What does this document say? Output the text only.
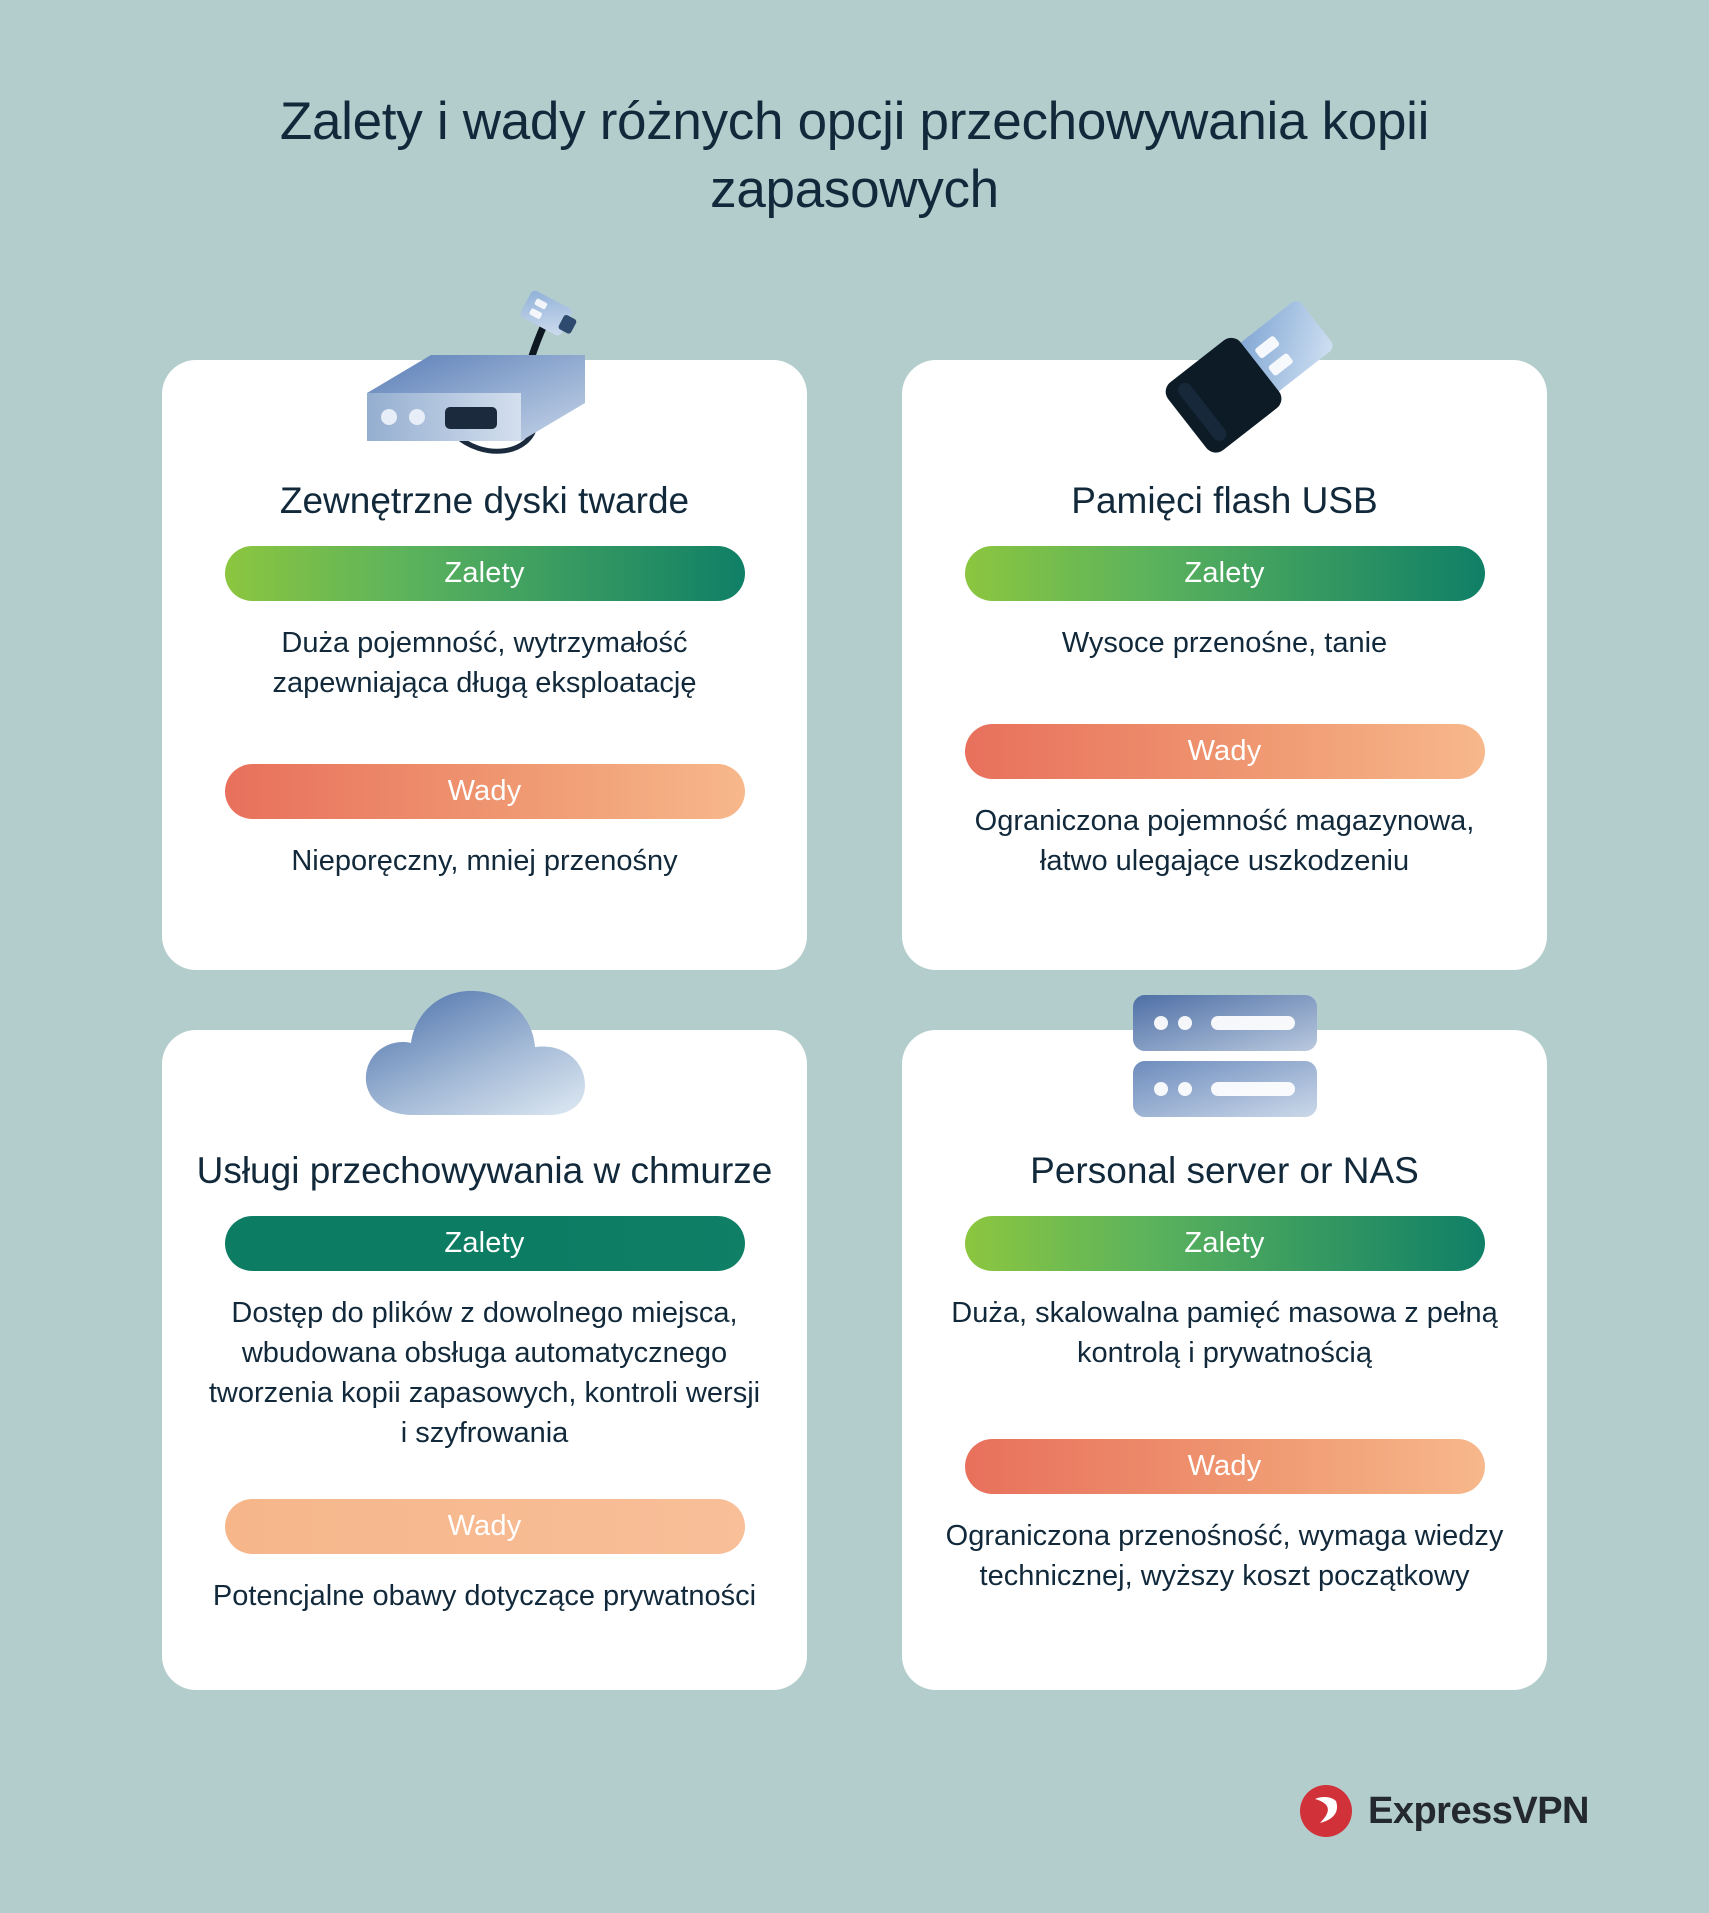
Zalety i wady różnych opcji przechowywania kopii zapasowych
Zewnętrzne dyski twarde
Zalety
Duża pojemność, wytrzymałość zapewniająca długą eksploatację
Wady
Nieporęczny, mniej przenośny
Pamięci flash USB
Zalety
Wysoce przenośne, tanie
Wady
Ograniczona pojemność magazynowa, łatwo ulegające uszkodzeniu
Usługi przechowywania w chmurze
Zalety
Dostęp do plików z dowolnego miejsca, wbudowana obsługa automatycznego tworzenia kopii zapasowych, kontroli wersji i szyfrowania
Wady
Potencjalne obawy dotyczące prywatności
Personal server or NAS
Zalety
Duża, skalowalna pamięć masowa z pełną kontrolą i prywatnością
Wady
Ograniczona przenośność, wymaga wiedzy technicznej, wyższy koszt początkowy
ExpressVPN
